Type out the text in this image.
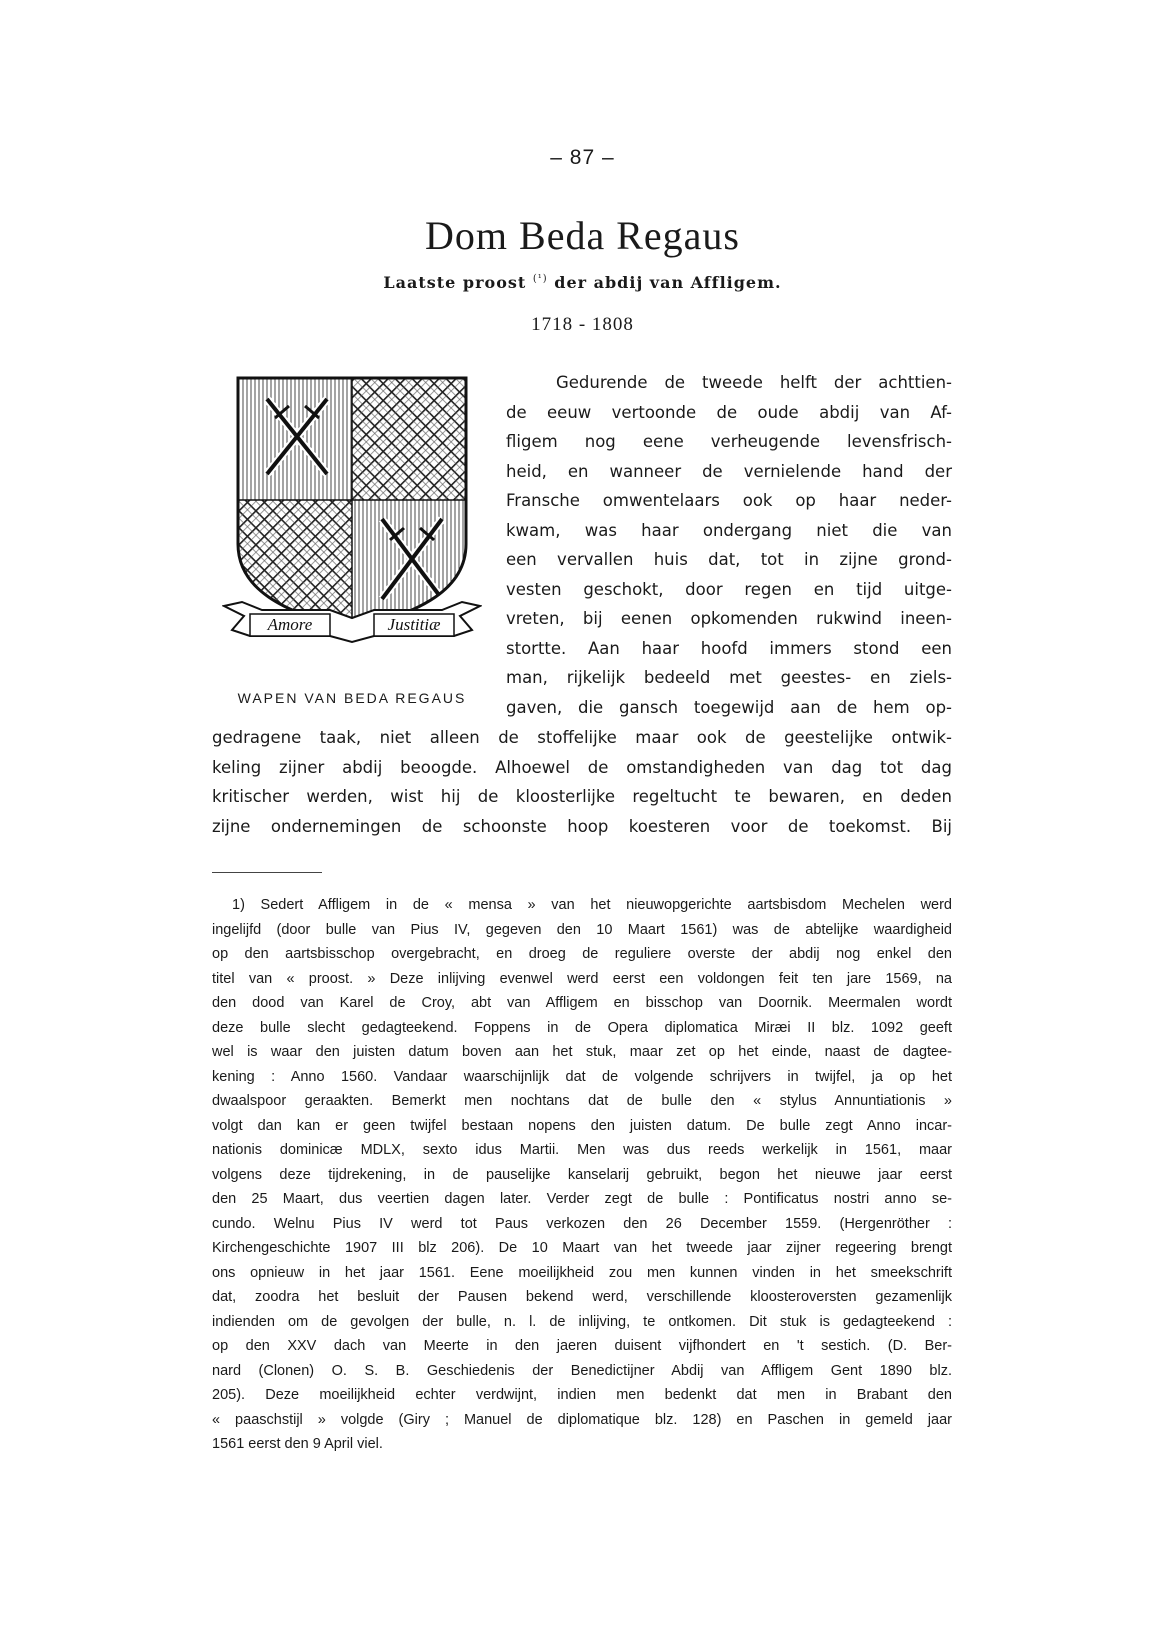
– 87 –
Dom Beda Regaus
Laatste proost $^{(^1)}$ der abdij van Affligem.
1718 - 1808
Amore	Justitiæ
WAPEN VAN BEDA REGAUS
Gedurende de tweede helft der achttien-
de eeuw vertoonde de oude abdij van Af-
fligem nog eene verheugende levensfrisch-
heid, en wanneer de vernielende hand der
Fransche omwentelaars ook op haar neder-
kwam, was haar ondergang niet die van
een vervallen huis dat, tot in zijne grond-
vesten geschokt, door regen en tijd uitge-
vreten, bij eenen opkomenden rukwind ineen-
stortte. Aan haar hoofd immers stond een
man, rijkelijk bedeeld met geestes- en ziels-
gaven, die gansch toegewijd aan de hem op-
gedragene taak, niet alleen de stoffelijke maar ook de geestelijke ontwik-
keling zijner abdij beoogde. Alhoewel de omstandigheden van dag tot dag
kritischer werden, wist hij de kloosterlijke regeltucht te bewaren, en deden
zijne ondernemingen de schoonste hoop koesteren voor de toekomst. Bij
1) Sedert Affligem in de « mensa » van het nieuwopgerichte aartsbisdom Mechelen werd
ingelijfd (door bulle van Pius IV, gegeven den 10 Maart 1561) was de abtelijke waardigheid
op den aartsbisschop overgebracht, en droeg de reguliere overste der abdij nog enkel den
titel van « proost. » Deze inlijving evenwel werd eerst een voldongen feit ten jare 1569, na
den dood van Karel de Croy, abt van Affligem en bisschop van Doornik. Meermalen wordt
deze bulle slecht gedagteekend. Foppens in de Opera diplomatica Miræi II blz. 1092 geeft
wel is waar den juisten datum boven aan het stuk, maar zet op het einde, naast de dagtee-
kening : Anno 1560. Vandaar waarschijnlijk dat de volgende schrijvers in twijfel, ja op het
dwaalspoor geraakten. Bemerkt men nochtans dat de bulle den « stylus Annuntiationis »
volgt dan kan er geen twijfel bestaan nopens den juisten datum. De bulle zegt Anno incar-
nationis dominicæ MDLX, sexto idus Martii. Men was dus reeds werkelijk in 1561, maar
volgens deze tijdrekening, in de pauselijke kanselarij gebruikt, begon het nieuwe jaar eerst
den 25 Maart, dus veertien dagen later. Verder zegt de bulle : Pontificatus nostri anno se-
cundo. Welnu Pius IV werd tot Paus verkozen den 26 December 1559. (Hergenröther :
Kirchengeschichte 1907 III blz 206). De 10 Maart van het tweede jaar zijner regeering brengt
ons opnieuw in het jaar 1561. Eene moeilijkheid zou men kunnen vinden in het smeekschrift
dat, zoodra het besluit der Pausen bekend werd, verschillende kloosteroversten gezamenlijk
indienden om de gevolgen der bulle, n. l. de inlijving, te ontkomen. Dit stuk is gedagteekend :
op den XXV dach van Meerte in den jaeren duisent vijfhondert en 't sestich. (D. Ber-
nard (Clonen) O. S. B. Geschiedenis der Benedictijner Abdij van Affligem Gent 1890 blz.
205). Deze moeilijkheid echter verdwijnt, indien men bedenkt dat men in Brabant den
« paaschstijl » volgde (Giry ; Manuel de diplomatique blz. 128) en Paschen in gemeld jaar
1561 eerst den 9 April viel.
